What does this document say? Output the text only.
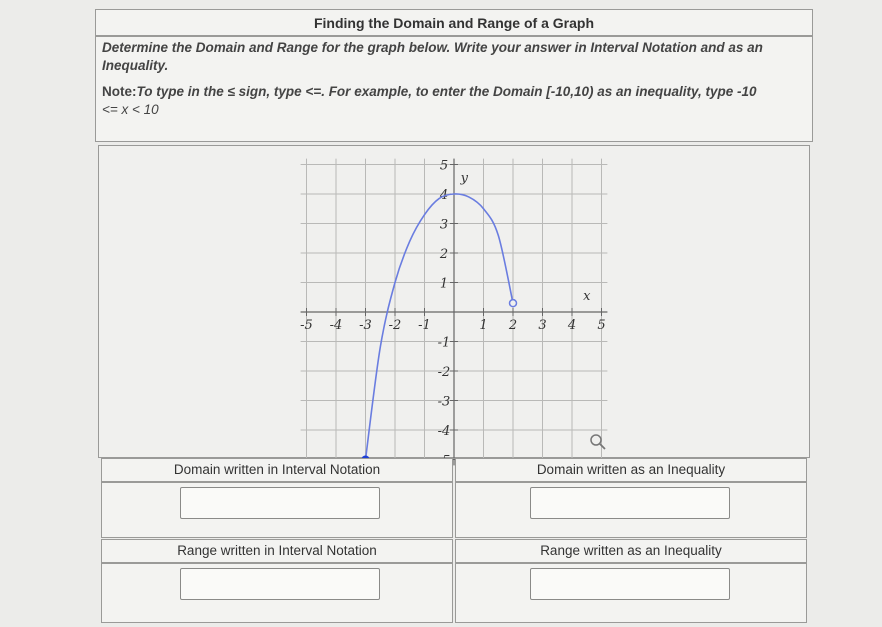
Finding the Domain and Range of a Graph

Determine the Domain and Range for the graph below. Write your answer in Interval Notation and as an Inequality.

Note:To type in the ≤ sign, type <=. For example, to enter the Domain [-10,10) as an inequality, type -10
<= x < 10

-5 -4 -3 -2 -1	1 2 3 4 5
5
4
3
2
1
-1
-2
-3
-4
x
y
Domain written in Interval Notation	Domain written as an Inequality
Range written in Interval Notation	Range written as an Inequality
